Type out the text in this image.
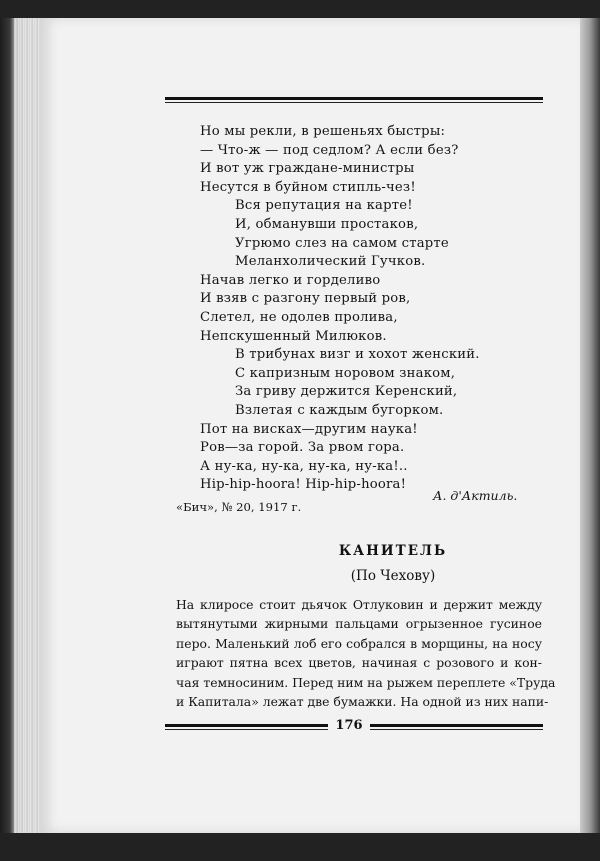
Но мы рекли, в решеньях быстры:
— Что-ж — под седлом? А если без?
И вот уж граждане-министры
Несутся в буйном стипль-чез!
Вся репутация на карте!
И, обманувши простаков,
Угрюмо слез на самом старте
Меланхолический Гучков.
Начав легко и горделиво
И взяв с разгону первый ров,
Слетел, не одолев пролива,
Непскушенный Милюков.
В трибунах визг и хохот женский.
С капризным норовом знаком,
За гриву держится Керенский,
Взлетая с каждым бугорком.
Пот на висках—другим наука!
Ров—за горой. За рвом гора.
А ну-ка, ну-ка, ну-ка, ну-ка!..
Hip-hip-hoora! Hip-hip-hoora!
А. д'Актиль.
«Бич», № 20, 1917 г.
КАНИТЕЛЬ
(По Чехову)
На клиросе стоит дьячок Отлуковин и держит между
вытянутыми жирными пальцами огрызенное гусиное
перо. Маленький лоб его собрался в морщины, на носу
играют пятна всех цветов, начиная с розового и кон-
чая темносиним. Перед ним на рыжем переплете «Труда
и Капитала» лежат две бумажки. На одной из них напи-
176
